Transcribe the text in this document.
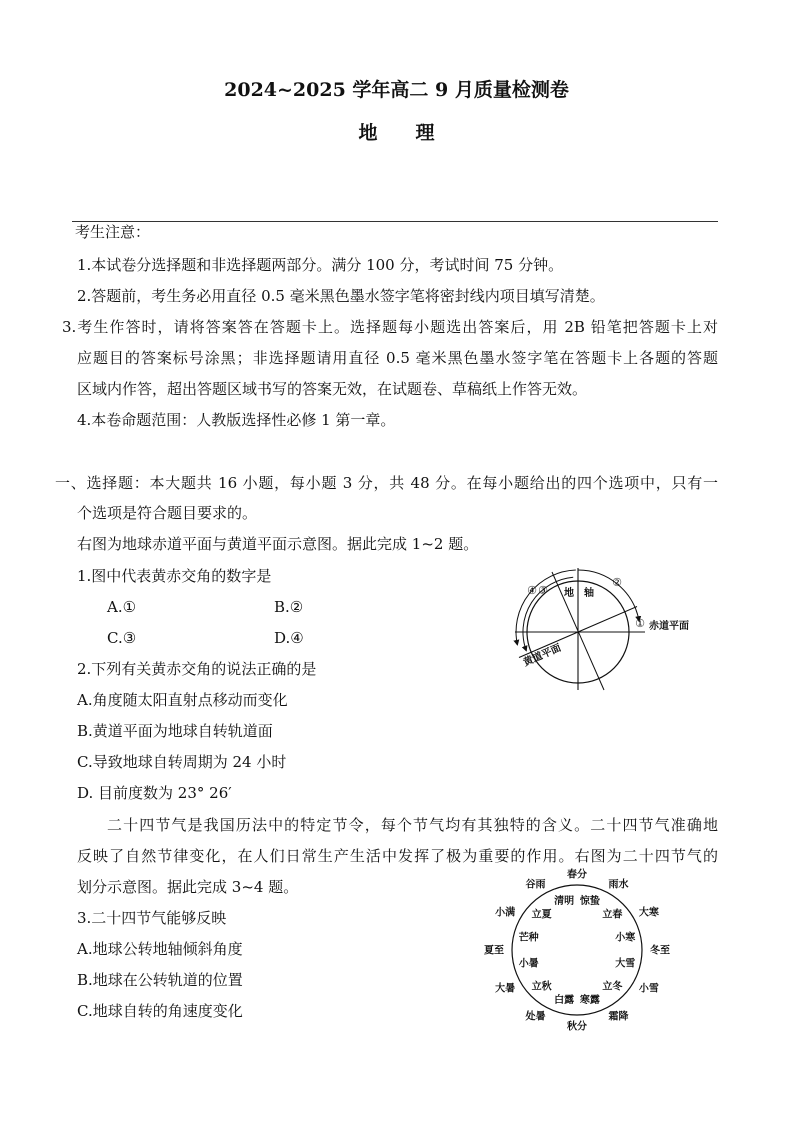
2024~2025 学年高二 9 月质量检测卷
地　　理
考生注意：
1.本试卷分选择题和非选择题两部分。满分 100 分，考试时间 75 分钟。
2.答题前，考生务必用直径 0.5 毫米黑色墨水签字笔将密封线内项目填写清楚。
3.考生作答时，请将答案答在答题卡上。选择题每小题选出答案后，用 2B 铅笔把答题卡上对
应题目的答案标号涂黑；非选择题请用直径 0.5 毫米黑色墨水签字笔在答题卡上各题的答题
区域内作答，超出答题区域书写的答案无效，在试题卷、草稿纸上作答无效。
4.本卷命题范围：人教版选择性必修 1 第一章。
一、选择题：本大题共 16 小题，每小题 3 分，共 48 分。在每小题给出的四个选项中，只有一
个选项是符合题目要求的。
右图为地球赤道平面与黄道平面示意图。据此完成 1~2 题。
1.图中代表黄赤交角的数字是
A.①	B.②
C.③	D.④
2.下列有关黄赤交角的说法正确的是
A.角度随太阳直射点移动而变化
B.黄道平面为地球自转轨道面
C.导致地球自转周期为 24 小时
D. 目前度数为 23° 26′
地　轴
赤道平面
黄道平面
①
②
③
④
二十四节气是我国历法中的特定节令，每个节气均有其独特的含义。二十四节气准确地
反映了自然节律变化，在人们日常生产生活中发挥了极为重要的作用。右图为二十四节气的
划分示意图。据此完成 3~4 题。
3.二十四节气能够反映
A.地球公转地轴倾斜角度
B.地球在公转轨道的位置
C.地球自转的角速度变化
春分
惊蛰
雨水
立春 大寒
小寒
冬至
大雪
小雪
立冬
霜降
寒露
秋分
白露
处暑
立秋
大暑
小暑
夏至
芒种
小满 立夏
谷雨
清明
